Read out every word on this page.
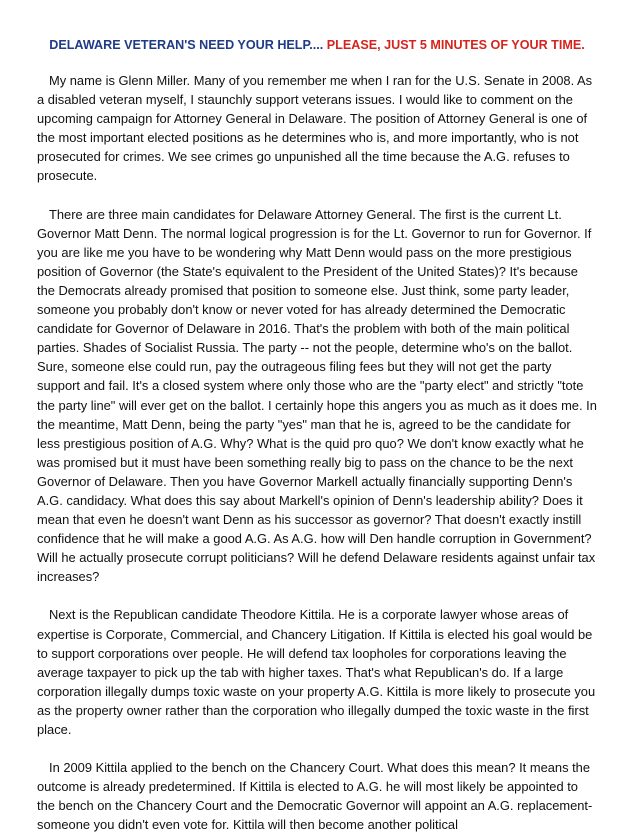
DELAWARE VETERAN'S NEED YOUR HELP.... PLEASE, JUST 5 MINUTES OF YOUR TIME.

My name is Glenn Miller. Many of you remember me when I ran for the U.S. Senate in 2008. As a disabled veteran myself, I staunchly support veterans issues. I would like to comment on the upcoming campaign for Attorney General in Delaware. The position of Attorney General is one of the most important elected positions as he determines who is, and more importantly, who is not prosecuted for crimes. We see crimes go unpunished all the time because the A.G. refuses to prosecute.

There are three main candidates for Delaware Attorney General. The first is the current Lt. Governor Matt Denn. The normal logical progression is for the Lt. Governor to run for Governor. If you are like me you have to be wondering why Matt Denn would pass on the more prestigious position of Governor (the State's equivalent to the President of the United States)? It's because the Democrats already promised that position to someone else. Just think, some party leader, someone you probably don't know or never voted for has already determined the Democratic candidate for Governor of Delaware in 2016. That's the problem with both of the main political parties. Shades of Socialist Russia. The party -- not the people, determine who's on the ballot. Sure, someone else could run, pay the outrageous filing fees but they will not get the party support and fail. It's a closed system where only those who are the "party elect" and strictly "tote the party line" will ever get on the ballot. I certainly hope this angers you as much as it does me. In the meantime, Matt Denn, being the party "yes" man that he is, agreed to be the candidate for less prestigious position of A.G. Why? What is the quid pro quo? We don't know exactly what he was promised but it must have been something really big to pass on the chance to be the next Governor of Delaware. Then you have Governor Markell actually financially supporting Denn's A.G. candidacy. What does this say about Markell's opinion of Denn's leadership ability? Does it mean that even he doesn't want Denn as his successor as governor? That doesn't exactly instill confidence that he will make a good A.G. As A.G. how will Den handle corruption in Government? Will he actually prosecute corrupt politicians? Will he defend Delaware residents against unfair tax increases?

Next is the Republican candidate Theodore Kittila. He is a corporate lawyer whose areas of expertise is Corporate, Commercial, and Chancery Litigation. If Kittila is elected his goal would be to support corporations over people. He will defend tax loopholes for corporations leaving the average taxpayer to pick up the tab with higher taxes. That's what Republican's do. If a large corporation illegally dumps toxic waste on your property A.G. Kittila is more likely to prosecute you as the property owner rather than the corporation who illegally dumped the toxic waste in the first place.

In 2009 Kittila applied to the bench on the Chancery Court. What does this mean? It means the outcome is already predetermined. If Kittila is elected to A.G. he will most likely be appointed to the bench on the Chancery Court and the Democratic Governor will appoint an A.G. replacement-someone you didn't even vote for. Kittila will then become another political
